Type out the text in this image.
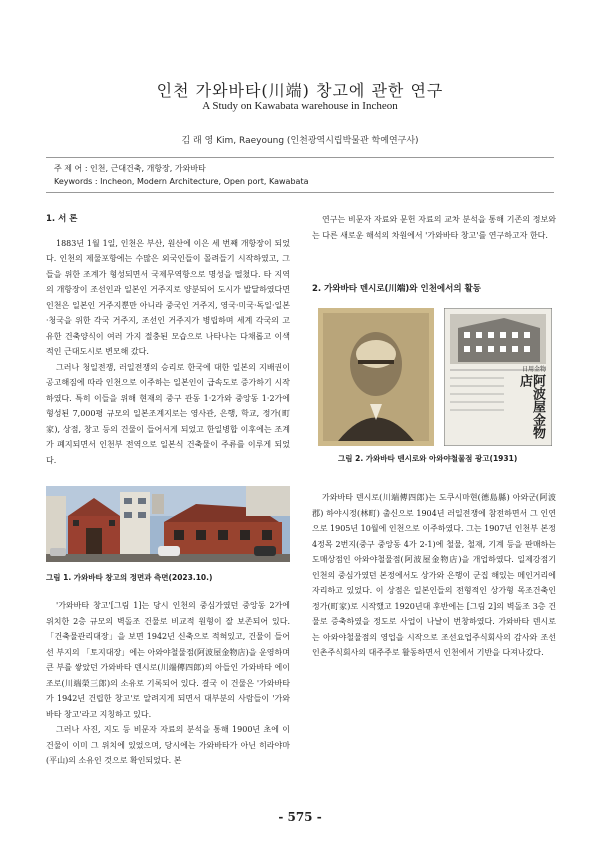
인천 가와바타(川端) 창고에 관한 연구
A Study on Kawabata warehouse in Incheon
김 래 영 Kim, Raeyoung (인천광역시립박물관 학예연구사)
주 제 어 : 인천, 근대건축, 개항장, 가와바타
Keywords : Incheon, Modern Architecture, Open port, Kawabata
1. 서 론

1883년 1월 1일, 인천은 부산, 원산에 이은 세 번째 개항장이 되었다. 인천의 제물포항에는 수많은 외국인들이 몰려들기 시작하였고, 그들을 위한 조계가 형성되면서 국제무역항으로 명성을 떨쳤다. 타 지역의 개항장이 조선인과 일본인 거주지로 양분되어 도시가 발달하였다면 인천은 일본인 거주지뿐만 아니라 중국인 거주지, 영국·미국·독일·일본·청국을 위한 각국 거주지, 조선인 거주지가 병립하며 세계 각국의 고유한 건축양식이 여러 가지 절충된 모습으로 나타나는 다채롭고 이색적인 근대도시로 변모해 갔다.

그러나 청일전쟁, 러일전쟁의 승리로 한국에 대한 일본의 지배권이 공고해짐에 따라 인천으로 이주하는 일본인이 급속도로 증가하기 시작하였다. 특히 이들을 위해 현재의 중구 관동 1·2가와 중앙동 1·2가에 형성된 7,000평 규모의 일본조계지로는 영사관, 은행, 학교, 정가(町家), 상점, 창고 등의 건물이 들어서게 되었고 한일병합 이후에는 조계가 폐지되면서 인천부 전역으로 일본식 건축물이 주류를 이루게 되었다.

그림 1. 가와바타 창고의 정면과 측면(2023.10.)

'가와바타 창고'[그림 1]는 당시 인천의 중심가였던 중앙동 2가에 위치한 2층 규모의 벽돌조 건물로 비교적 원형이 잘 보존되어 있다. 「건축물관리대장」을 보면 1942년 신축으로 적혀있고, 건물이 들어선 부지의 「토지대장」에는 아와야철물점(阿波屋金物店)을 운영하며 큰 부를 쌓았던 가와바타 덴시로(川端傳四郎)의 아들인 가와바타 에이조로(川端榮三郎)의 소유로 기록되어 있다. 결국 이 건물은 '가와바타가 1942년 건립한 창고'로 알려지게 되면서 대부분의 사람들이 '가와바타 창고'라고 지칭하고 있다.

그러나 사진, 지도 등 비문자 자료의 분석을 통해 1900년 초에 이 건물이 이미 그 위치에 있었으며, 당시에는 가와바타가 아닌 히라야마(平山)의 소유인 것으로 확인되었다. 본

연구는 비문자 자료와 문헌 자료의 교차 분석을 통해 기존의 정보와는 다른 새로운 해석의 차원에서 '가와바타 창고'를 연구하고자 한다.

2. 가와바타 덴시로(川端)와 인천에서의 활동
日用金物
阿波屋金物店
그림 2. 가와바타 덴시로와 아와야철물점 광고(1931)

가와바타 덴시로(川端傳四郎)는 도쿠시마현(德島縣) 아와군(阿波郡) 하야시정(林町) 출신으로 1904년 러일전쟁에 참전하면서 그 인연으로 1905년 10월에 인천으로 이주하였다. 그는 1907년 인천부 본정 4정목 2번지(중구 중앙동 4가 2-1)에 철물, 철재, 기계 등을 판매하는 도매상점인 아와야철물점(阿波屋金物店)을 개업하였다. 일제강점기 인천의 중심가였던 본정에서도 상가와 은행이 군집 해있는 메인거리에 자리하고 있었다. 이 상점은 일본인들의 전형적인 상가형 목조건축인 정가(町家)로 시작했고 1920년대 후반에는 [그림 2]의 벽돌조 3층 건물로 증축하였을 정도로 사업이 나날이 번창하였다. 가와바타 덴시로는 아와야철물점의 영업을 시작으로 조선요업주식회사의 감사와 조선인촌주식회사의 대주주로 활동하면서 인천에서 기반을 다져나갔다.

- 575 -
